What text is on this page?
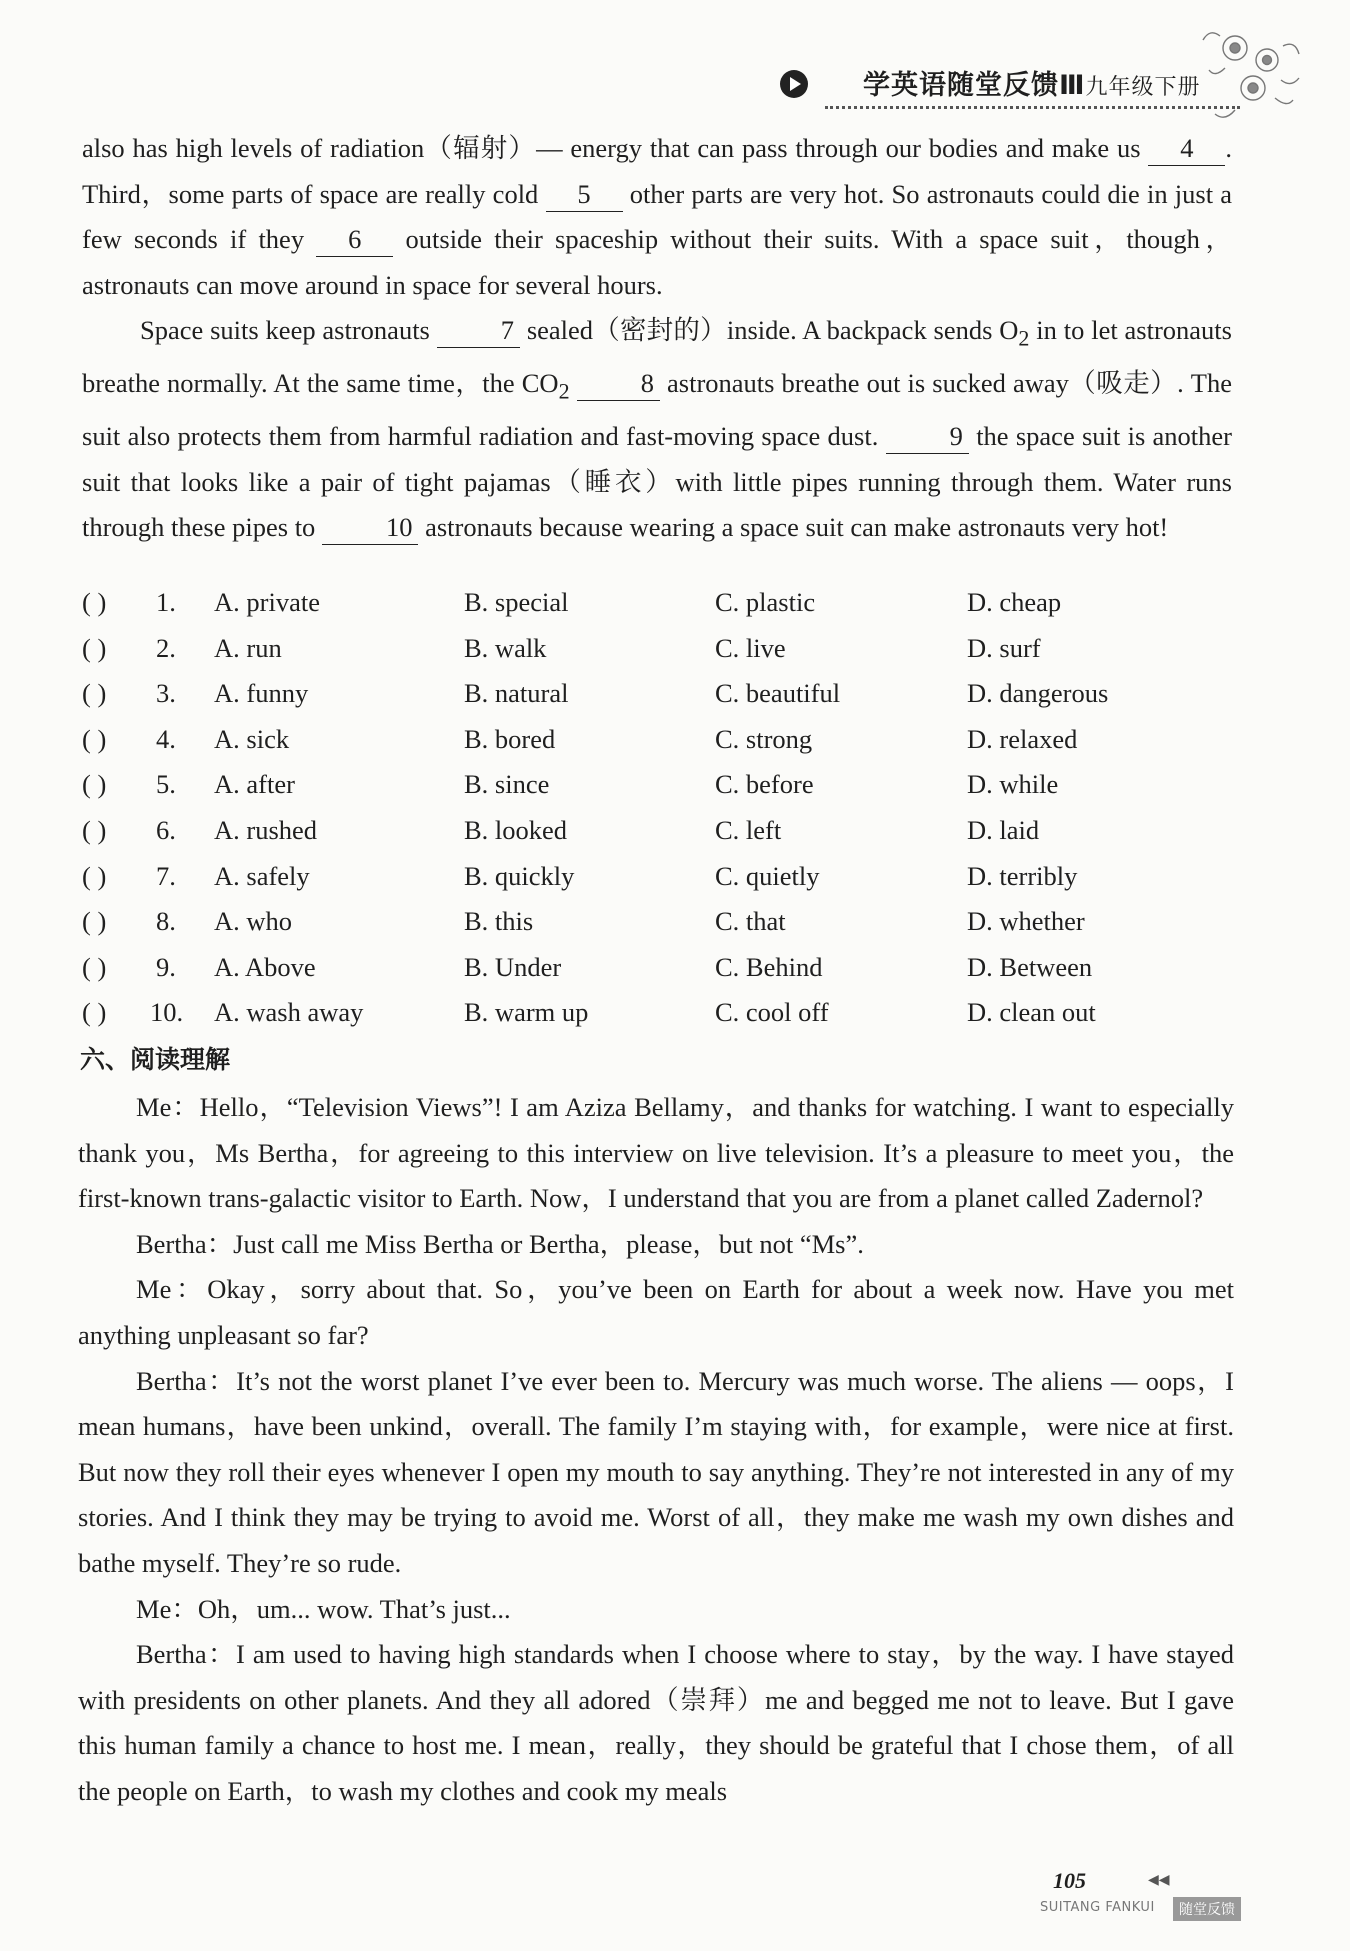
学英语随堂反馈Ⅲ九年级下册

also has high levels of radiation（辐射）— energy that can pass through our bodies and make us 4 . Third，some parts of space are really cold 5 other parts are very hot. So astronauts could die in just a few seconds if they 6 outside their spaceship without their suits. With a space suit，though，astronauts can move around in space for several hours.

Space suits keep astronauts	7 sealed（密封的）inside. A backpack sends $O_2$ in to let astronauts breathe normally. At the same time，the $CO_2$	8 astronauts breathe out is sucked away（吸走）. The suit also protects them from harmful radiation and fast-moving space dust.	9 the space suit is another suit that looks like a pair of tight pajamas（睡衣）with little pipes running through them. Water runs through these pipes to	10 astronauts because wearing a space suit can make astronauts very hot!

( ) 1. A. private	B. special	C. plastic	D. cheap
( ) 2. A. run	B. walk	C. live	D. surf
( ) 3. A. funny	B. natural	C. beautiful	D. dangerous
( ) 4. A. sick	B. bored	C. strong	D. relaxed
( ) 5. A. after	B. since	C. before	D. while
( ) 6. A. rushed	B. looked	C. left	D. laid
( ) 7. A. safely	B. quickly	C. quietly	D. terribly
( ) 8. A. who	B. this	C. that	D. whether
( ) 9. A. Above	B. Under	C. Behind	D. Between
( ) 10. A. wash away	B. warm up	C. cool off	D. clean out
六、阅读理解

Me：Hello，“Television Views”! I am Aziza Bellamy，and thanks for watching. I want to especially thank you，Ms Bertha，for agreeing to this interview on live television. It’s a pleasure to meet you，the first-known trans-galactic visitor to Earth. Now，I understand that you are from a planet called Zadernol?

Bertha：Just call me Miss Bertha or Bertha，please，but not “Ms”.

Me：Okay，sorry about that. So，you’ve been on Earth for about a week now. Have you met anything unpleasant so far?

Bertha：It’s not the worst planet I’ve ever been to. Mercury was much worse. The aliens — oops，I mean humans，have been unkind，overall. The family I’m staying with，for example，were nice at first. But now they roll their eyes whenever I open my mouth to say anything. They’re not interested in any of my stories. And I think they may be trying to avoid me. Worst of all，they make me wash my own dishes and bathe myself. They’re so rude.

Me：Oh，um... wow. That’s just...

Bertha：I am used to having high standards when I choose where to stay，by the way. I have stayed with presidents on other planets. And they all adored（崇拜）me and begged me not to leave. But I gave this human family a chance to host me. I mean，really，they should be grateful that I chose them，of all the people on Earth，to wash my clothes and cook my meals

105	◀◀
SUITANG FANKUI	随堂反馈
